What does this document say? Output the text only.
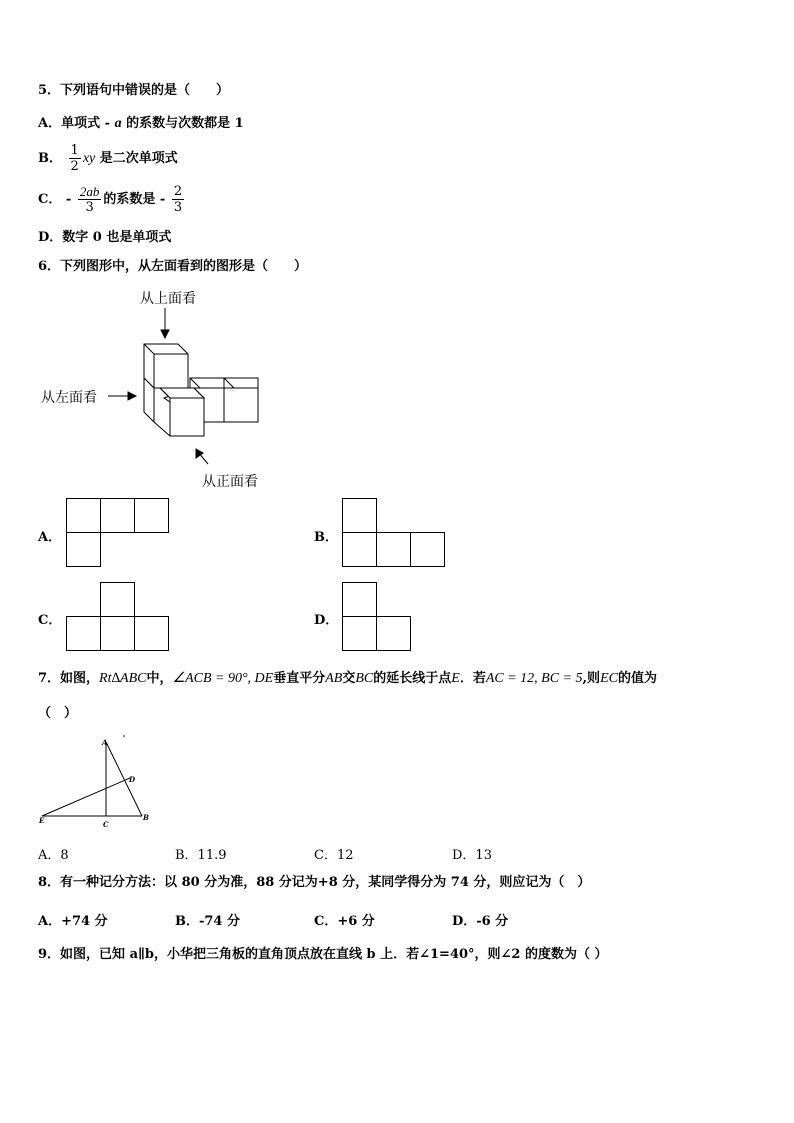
5．下列语句中错误的是（　　）
A．单项式 - a 的系数与次数都是 1
B． $\frac{1}{2}$ xy 是二次单项式
C． - $\frac{2ab}{3}$ 的系数是 - $\frac{2}{3}$
D．数字 0 也是单项式
6．下列图形中，从左面看到的图形是（　　）
从上面看
从左面看
从正面看
A．	B．
C．	D．
7．如图，Rt∆ABC中，∠ACB = 90°, DE垂直平分AB交BC的延长线于点E．若AC = 12, BC = 5,则EC的值为
（　）
A
D
E	C
B
A．8	B．11.9	C．12	D．13
8．有一种记分方法：以 80 分为准，88 分记为+8 分，某同学得分为 74 分，则应记为（　）
A．+74 分	B．-74 分	C．+6 分	D．-6 分
9．如图，已知 a∥b，小华把三角板的直角顶点放在直线 b 上．若∠1=40°，则∠2 的度数为（ ）
